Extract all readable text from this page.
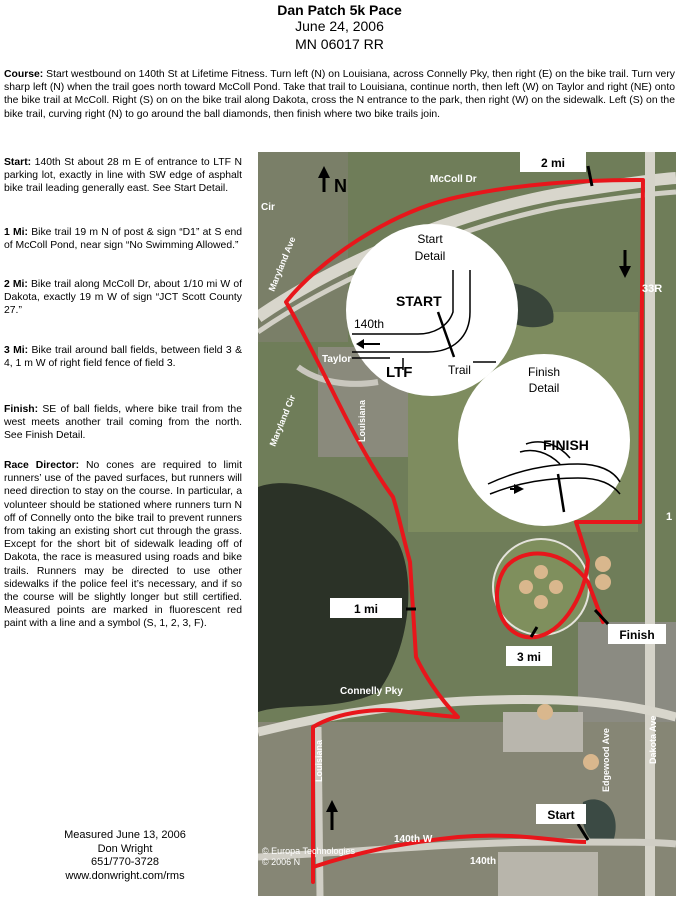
Dan Patch 5k Pace
June 24, 2006
MN 06017 RR
Course: Start westbound on 140th St at Lifetime Fitness. Turn left (N) on Louisiana, across Connelly Pky, then right (E) on the bike trail. Turn very sharp left (N) when the trail goes north toward McColl Pond. Take that trail to Louisiana, continue north, then left (W) on Taylor and right (NE) onto the bike trail at McColl. Right (S) on on the bike trail along Dakota, cross the N entrance to the park, then right (W) on the sidewalk. Left (S) on the bike trail, curving right (N) to go around the ball diamonds, then finish where two bike trails join.
Start: 140th St about 28 m E of entrance to LTF N parking lot, exactly in line with SW edge of asphalt bike trail leading generally east. See Start Detail.
1 Mi: Bike trail 19 m N of post & sign “D1” at S end of McColl Pond, near sign “No Swimming Allowed.”
2 Mi: Bike trail along McColl Dr, about 1/10 mi W of Dakota, exactly 19 m W of sign “JCT Scott County 27.”
3 Mi: Bike trail around ball fields, between field 3 & 4, 1 m W of right field fence of field 3.
Finish: SE of ball fields, where bike trail from the west meets another trail coming from the north. See Finish Detail.
Race Director: No cones are required to limit runners’ use of the paved surfaces, but runners will need direction to stay on the course. In particular, a volunteer should be stationed where runners turn N off of Connelly onto the bike trail to prevent runners from taking an existing short cut through the grass. Except for the short bit of sidewalk leading off of Dakota, the race is measured using roads and bike trails. Runners may be directed to use other sidewalks if the police feel it’s necessary, and if so the course will be slightly longer but still certified. Measured points are marked in fluorescent red paint with a line and a symbol (S, 1, 2, 3, F).
Measured June 13, 2006
Don Wright
651/770-3728
www.donwright.com/rms
N	McColl Dr
Cir
Maryland Ave
Taylor
Maryland Cir	Louisiana
Connelly Pky
Louisiana	Edgewood Ave	Dakota Ave
140th W
140th
33R
1
2 mi
1 mi
3 mi
Finish
Start
Start
Detail
START
140th
LTF	Trail	Finish
Detail
FINISH
© Europa Technologies
© 2006 N
